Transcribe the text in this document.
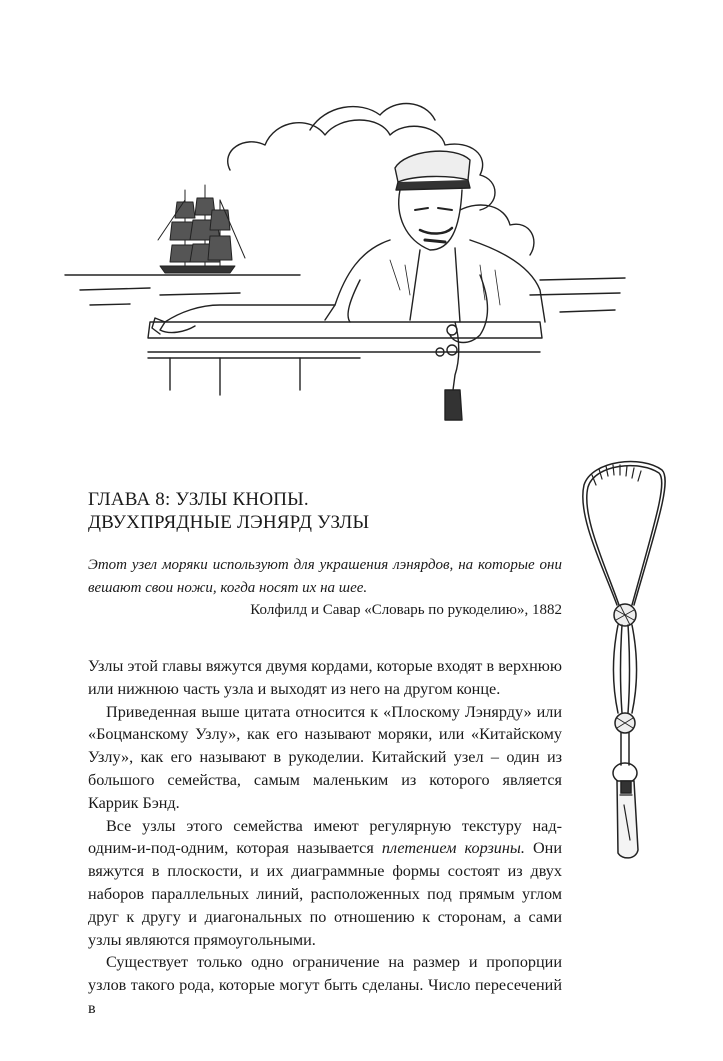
ГЛАВА 8: УЗЛЫ КНОПЫ.
ДВУХПРЯДНЫЕ ЛЭНЯРД УЗЛЫ
Этот узел моряки используют для украшения лэнярдов, на которые они вешают свои ножи, когда носят их на шее.
Колфилд и Савар «Словарь по рукоделию», 1882

Узлы этой главы вяжутся двумя кордами, которые входят в верхнюю или нижнюю часть узла и выходят из него на другом конце.

Приведенная выше цитата относится к «Плоскому Лэнярду» или «Боцманскому Узлу», как его называют моряки, или «Китайскому Узлу», как его называют в рукоделии. Китайский узел – один из большого семейства, самым маленьким из которого является Каррик Бэнд.

Все узлы этого семейства имеют регулярную текстуру над-одним-и-под-одним, которая называется плетением корзины. Они вяжутся в плоскости, и их диаграммные формы состоят из двух наборов параллельных линий, расположенных под прямым углом друг к другу и диагональных по отношению к сторонам, а сами узлы являются прямоугольными.

Существует только одно ограничение на размер и пропорции узлов такого рода, которые могут быть сделаны. Число пересечений в
